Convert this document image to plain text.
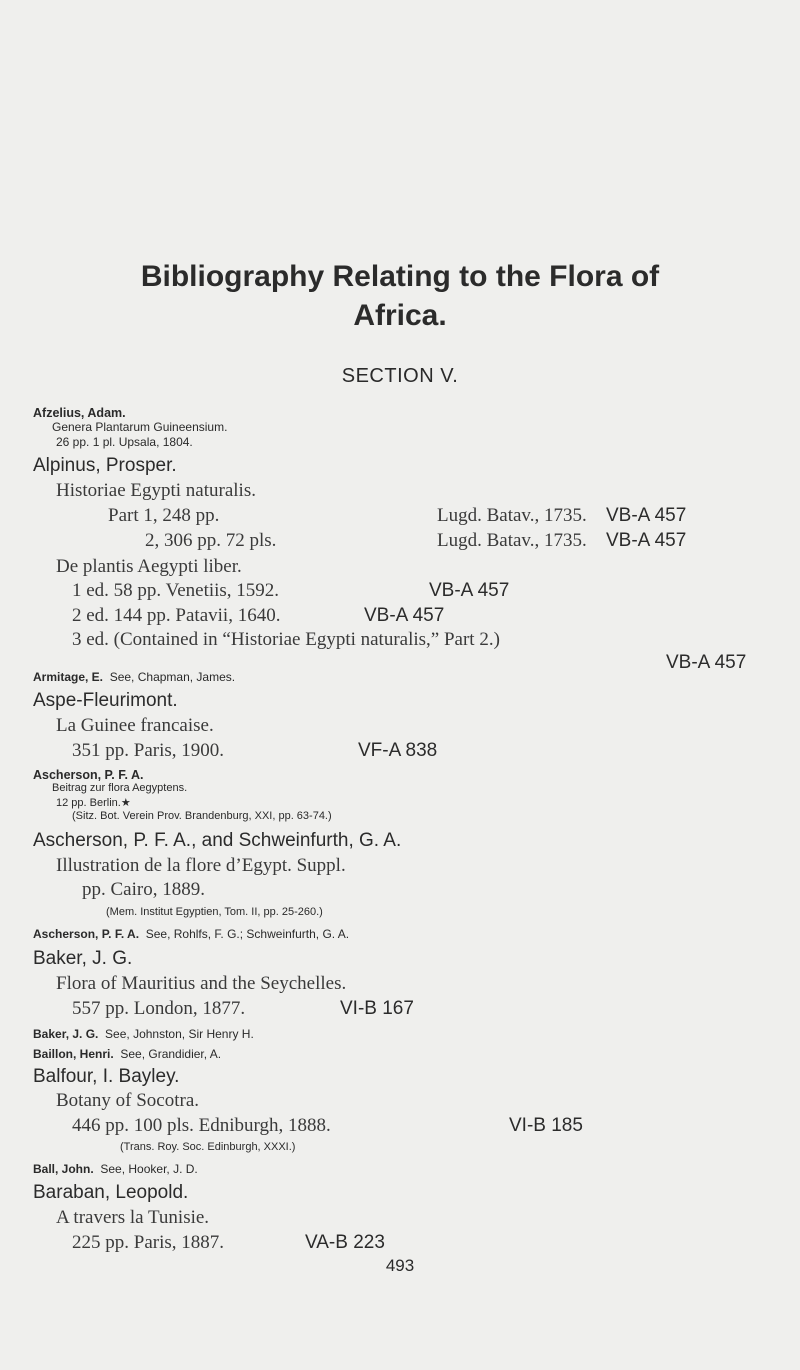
Bibliography Relating to the Flora of
Africa.
SECTION V.
Afzelius, Adam.
Genera Plantarum Guineensium.
26 pp. 1 pl. Upsala, 1804.
Alpinus, Prosper.
Historiae Egypti naturalis.
Part 1, 248 pp.	Lugd. Batav., 1735. VB-A 457
2, 306 pp. 72 pls.	Lugd. Batav., 1735. VB-A 457
De plantis Aegypti liber.
1 ed. 58 pp. Venetiis, 1592.	VB-A 457
2 ed. 144 pp. Patavii, 1640.	VB-A 457
3 ed. (Contained in “Historiae Egypti naturalis,” Part 2.)
VB-A 457
Armitage, E. See, Chapman, James.
Aspe-Fleurimont.
La Guinee francaise.
351 pp. Paris, 1900.	VF-A 838
Ascherson, P. F. A.
Beitrag zur flora Aegyptens.
12 pp. Berlin.★
(Sitz. Bot. Verein Prov. Brandenburg, XXI, pp. 63-74.)
Ascherson, P. F. A., and Schweinfurth, G. A.
Illustration de la flore d’Egypt. Suppl.
pp. Cairo, 1889.
(Mem. Institut Egyptien, Tom. II, pp. 25-260.)
Ascherson, P. F. A. See, Rohlfs, F. G.; Schweinfurth, G. A.
Baker, J. G.
Flora of Mauritius and the Seychelles.
557 pp. London, 1877.	VI-B 167
Baker, J. G. See, Johnston, Sir Henry H.
Baillon, Henri. See, Grandidier, A.
Balfour, I. Bayley.
Botany of Socotra.
446 pp. 100 pls. Edniburgh, 1888.	VI-B 185
(Trans. Roy. Soc. Edinburgh, XXXI.)
Ball, John. See, Hooker, J. D.
Baraban, Leopold.
A travers la Tunisie.
225 pp. Paris, 1887.	VA-B 223
493
